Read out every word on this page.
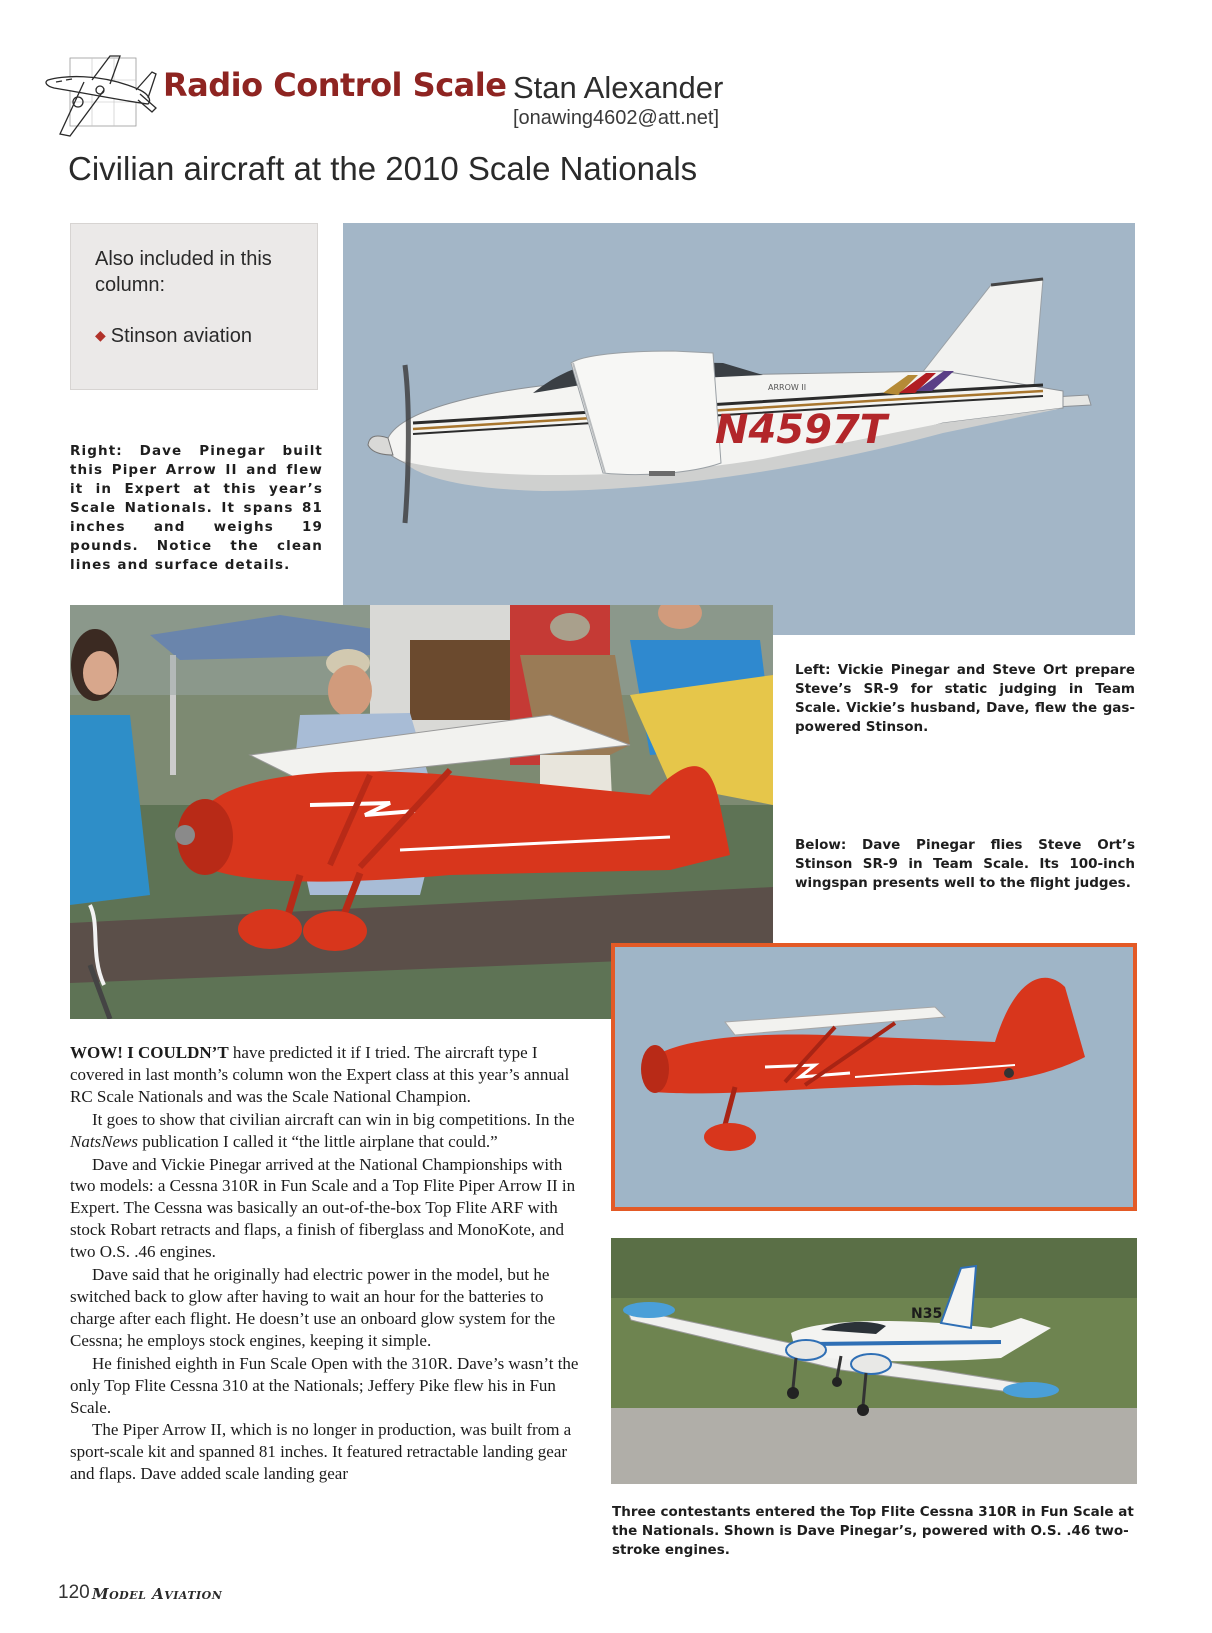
Radio Control Scale Stan Alexander
[onawing4602@att.net]
Civilian aircraft at the 2010 Scale Nationals
Also included in this column:
◆ Stinson aviation
N4597T
ARROW II
Right: Dave Pinegar built this Piper Arrow II and flew it in Expert at this year’s Scale Nationals. It spans 81 inches and weighs 19 pounds. Notice the clean lines and surface details.
Left: Vickie Pinegar and Steve Ort prepare Steve’s SR-9 for static judging in Team Scale. Vickie’s husband, Dave, flew the gas-powered Stinson.
Below: Dave Pinegar flies Steve Ort’s Stinson SR-9 in Team Scale. Its 100-inch wingspan presents well to the flight judges.
N35
Three contestants entered the Top Flite Cessna 310R in Fun Scale at the Nationals. Shown is Dave Pinegar’s, powered with O.S. .46 two-stroke engines.

WOW! I COULDN’T have predicted it if I tried. The aircraft type I covered in last month’s column won the Expert class at this year’s annual RC Scale Nationals and was the Scale National Champion.

It goes to show that civilian aircraft can win in big competitions. In the NatsNews publication I called it “the little airplane that could.”

Dave and Vickie Pinegar arrived at the National Championships with two models: a Cessna 310R in Fun Scale and a Top Flite Piper Arrow II in Expert. The Cessna was basically an out-of-the-box Top Flite ARF with stock Robart retracts and flaps, a finish of fiberglass and MonoKote, and two O.S. .46 engines.

Dave said that he originally had electric power in the model, but he switched back to glow after having to wait an hour for the batteries to charge after each flight. He doesn’t use an onboard glow system for the Cessna; he employs stock engines, keeping it simple.

He finished eighth in Fun Scale Open with the 310R. Dave’s wasn’t the only Top Flite Cessna 310 at the Nationals; Jeffery Pike flew his in Fun Scale.

The Piper Arrow II, which is no longer in production, was built from a sport-scale kit and spanned 81 inches. It featured retractable landing gear and flaps. Dave added scale landing gear

120 Model Aviation
